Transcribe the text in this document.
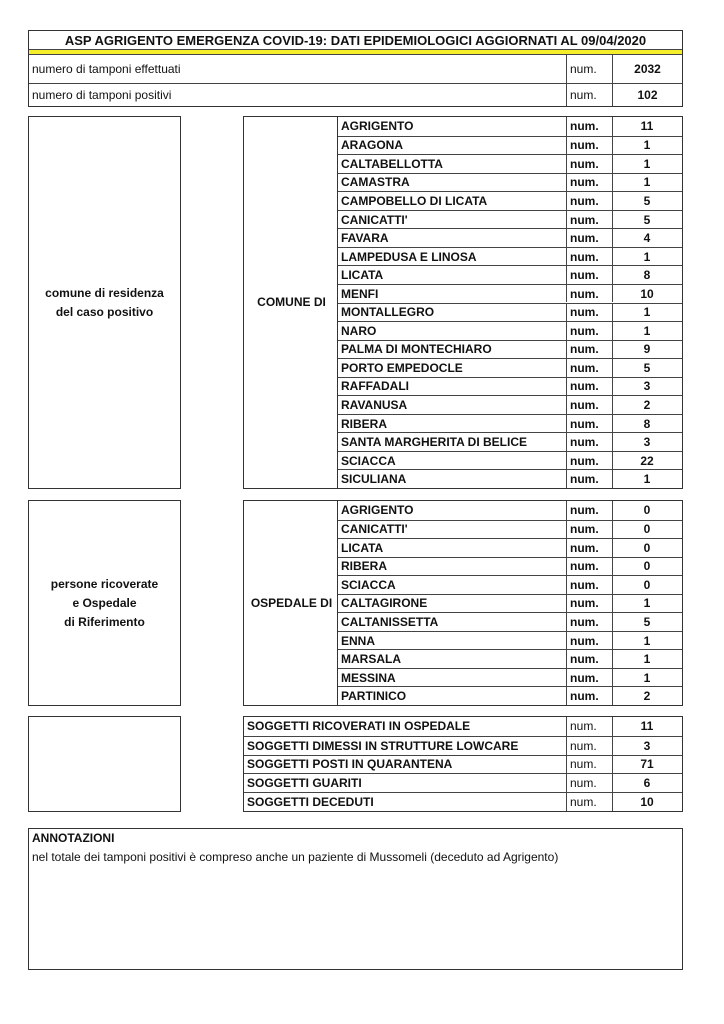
ASP AGRIGENTO EMERGENZA COVID-19: DATI EPIDEMIOLOGICI AGGIORNATI AL 09/04/2020
numero di tamponi effettuati	num.	2032
numero di tamponi positivi	num.	102
comune di residenza
del caso positivo
COMUNE DI
AGRIGENTO	num.	11
ARAGONA	num.	1
CALTABELLOTTA	num.	1
CAMASTRA	num.	1
CAMPOBELLO DI LICATA	num.	5
CANICATTI'	num.	5
FAVARA	num.	4
LAMPEDUSA E LINOSA	num.	1
LICATA	num.	8
MENFI	num.	10
MONTALLEGRO	num.	1
NARO	num.	1
PALMA DI MONTECHIARO	num.	9
PORTO EMPEDOCLE	num.	5
RAFFADALI	num.	3
RAVANUSA	num.	2
RIBERA	num.	8
SANTA MARGHERITA DI BELICE	num.	3
SCIACCA	num.	22
SICULIANA	num.	1
persone ricoverate
e Ospedale
di Riferimento
OSPEDALE DI
AGRIGENTO	num.	0
CANICATTI'	num.	0
LICATA	num.	0
RIBERA	num.	0
SCIACCA	num.	0
CALTAGIRONE	num.	1
CALTANISSETTA	num.	5
ENNA	num.	1
MARSALA	num.	1
MESSINA	num.	1
PARTINICO	num.	2
SOGGETTI RICOVERATI IN OSPEDALE	num.	11
SOGGETTI DIMESSI IN STRUTTURE LOWCARE	num.	3
SOGGETTI POSTI IN QUARANTENA	num.	71
SOGGETTI GUARITI	num.	6
SOGGETTI DECEDUTI	num.	10
ANNOTAZIONI
nel totale dei tamponi positivi è compreso anche un paziente di Mussomeli (deceduto ad Agrigento)
